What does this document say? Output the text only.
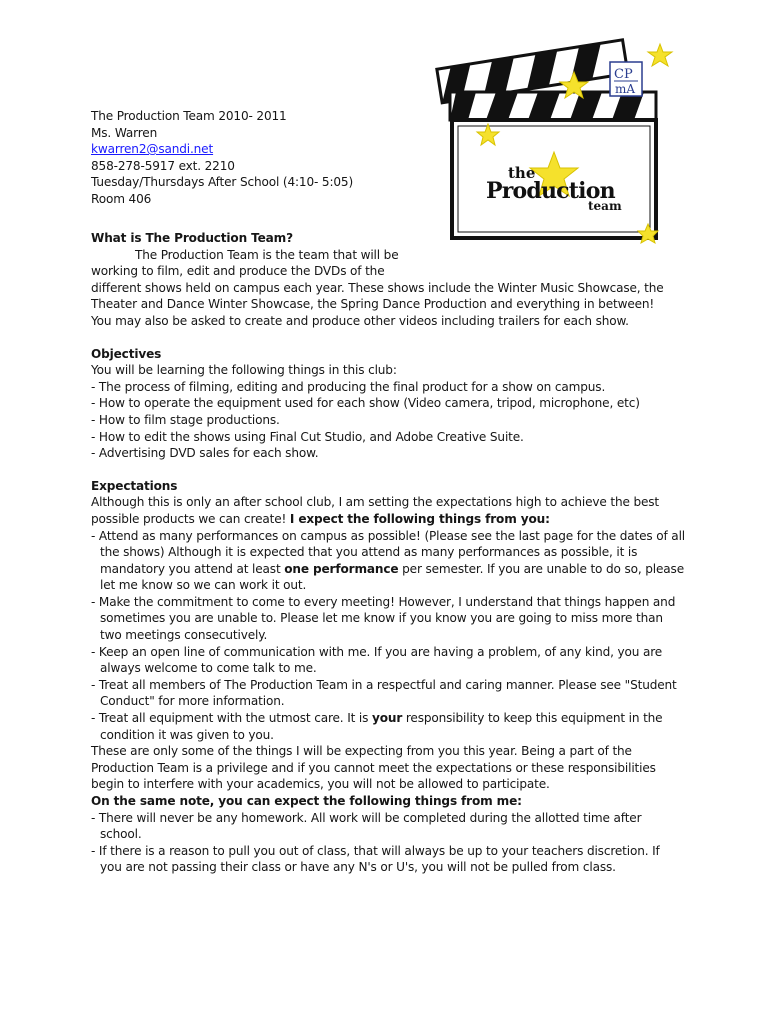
The Production Team 2010- 2011
Ms. Warren
kwarren2@sandi.net
858-278-5917 ext. 2210
Tuesday/Thursdays After School (4:10- 5:05)
Room 406
the
Production
team
CP
mA
What is The Production Team?
The Production Team is the team that will be
working to film, edit and produce the DVDs of the
different shows held on campus each year. These shows include the Winter Music Showcase, the
Theater and Dance Winter Showcase, the Spring Dance Production and everything in between!
You may also be asked to create and produce other videos including trailers for each show.
Objectives
You will be learning the following things in this club:
- The process of filming, editing and producing the final product for a show on campus.
- How to operate the equipment used for each show (Video camera, tripod, microphone, etc)
- How to film stage productions.
- How to edit the shows using Final Cut Studio, and Adobe Creative Suite.
- Advertising DVD sales for each show.
Expectations
Although this is only an after school club, I am setting the expectations high to achieve the best
possible products we can create! I expect the following things from you:
- Attend as many performances on campus as possible! (Please see the last page for the dates of all
the shows) Although it is expected that you attend as many performances as possible, it is
mandatory you attend at least one performance per semester. If you are unable to do so, please
let me know so we can work it out.
- Make the commitment to come to every meeting! However, I understand that things happen and
sometimes you are unable to. Please let me know if you know you are going to miss more than
two meetings consecutively.
- Keep an open line of communication with me. If you are having a problem, of any kind, you are
always welcome to come talk to me.
- Treat all members of The Production Team in a respectful and caring manner. Please see "Student
Conduct" for more information.
- Treat all equipment with the utmost care. It is your responsibility to keep this equipment in the
condition it was given to you.
These are only some of the things I will be expecting from you this year. Being a part of the
Production Team is a privilege and if you cannot meet the expectations or these responsibilities
begin to interfere with your academics, you will not be allowed to participate.
On the same note, you can expect the following things from me:
- There will never be any homework. All work will be completed during the allotted time after
school.
- If there is a reason to pull you out of class, that will always be up to your teachers discretion. If
you are not passing their class or have any N's or U's, you will not be pulled from class.
